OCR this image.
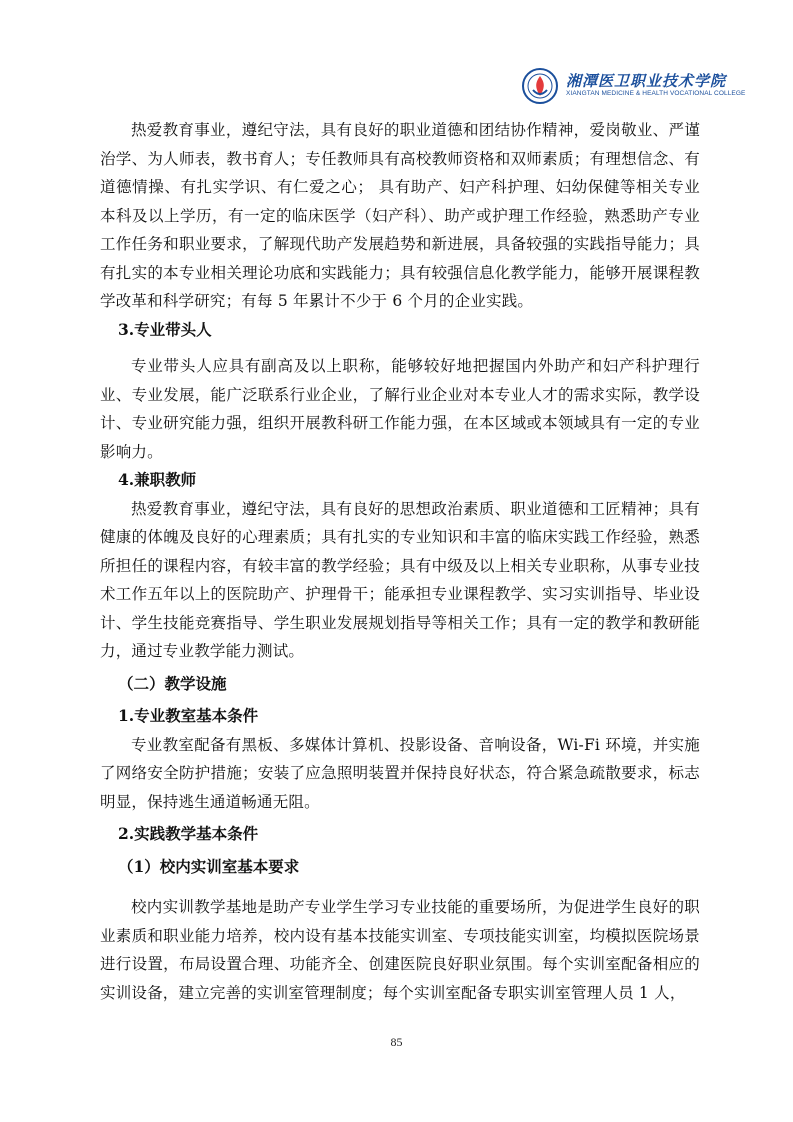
湘潭医卫职业技术学院
XIANGTAN MEDICINE & HEALTH VOCATIONAL COLLEGE

热爱教育事业，遵纪守法，具有良好的职业道德和团结协作精神，爱岗敬业、严谨治学、为人师表，教书育人；专任教师具有高校教师资格和双师素质；有理想信念、有道德情操、有扎实学识、有仁爱之心； 具有助产、妇产科护理、妇幼保健等相关专业本科及以上学历，有一定的临床医学（妇产科）、助产或护理工作经验，熟悉助产专业工作任务和职业要求，了解现代助产发展趋势和新进展，具备较强的实践指导能力；具有扎实的本专业相关理论功底和实践能力；具有较强信息化教学能力，能够开展课程教学改革和科学研究；有每 5 年累计不少于 6 个月的企业实践。

3.专业带头人

专业带头人应具有副高及以上职称，能够较好地把握国内外助产和妇产科护理行业、专业发展，能广泛联系行业企业，了解行业企业对本专业人才的需求实际，教学设计、专业研究能力强，组织开展教科研工作能力强，在本区域或本领域具有一定的专业影响力。

4.兼职教师

热爱教育事业，遵纪守法，具有良好的思想政治素质、职业道德和工匠精神；具有健康的体魄及良好的心理素质；具有扎实的专业知识和丰富的临床实践工作经验，熟悉所担任的课程内容，有较丰富的教学经验；具有中级及以上相关专业职称，从事专业技术工作五年以上的医院助产、护理骨干；能承担专业课程教学、实习实训指导、毕业设计、学生技能竞赛指导、学生职业发展规划指导等相关工作；具有一定的教学和教研能力，通过专业教学能力测试。

（二）教学设施

1.专业教室基本条件

专业教室配备有黑板、多媒体计算机、投影设备、音响设备，Wi-Fi 环境，并实施了网络安全防护措施；安装了应急照明装置并保持良好状态，符合紧急疏散要求，标志明显，保持逃生通道畅通无阻。

2.实践教学基本条件

（1）校内实训室基本要求

校内实训教学基地是助产专业学生学习专业技能的重要场所，为促进学生良好的职业素质和职业能力培养，校内设有基本技能实训室、专项技能实训室，均模拟医院场景进行设置，布局设置合理、功能齐全、创建医院良好职业氛围。每个实训室配备相应的实训设备，建立完善的实训室管理制度；每个实训室配备专职实训室管理人员 1 人，

85
